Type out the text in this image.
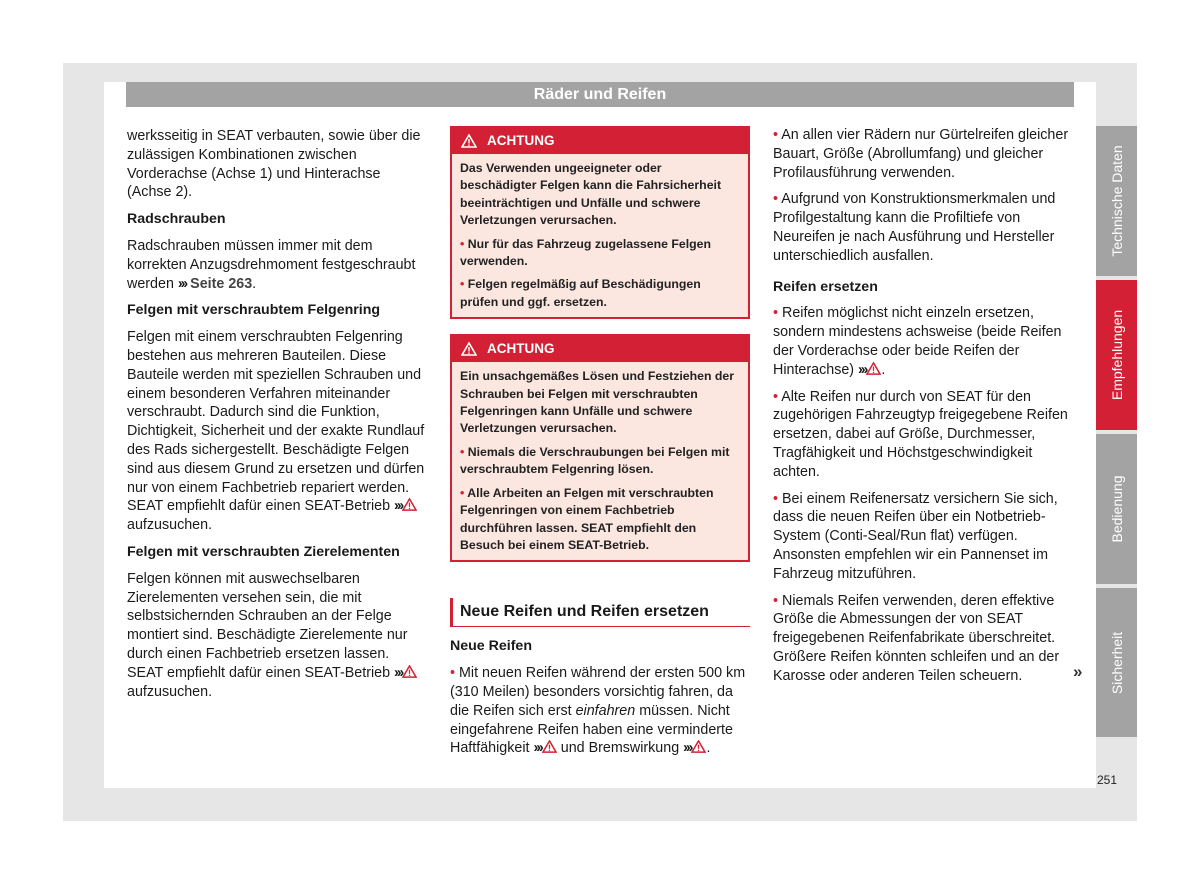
Räder und Reifen

werksseitig in SEAT verbauten, sowie über die zulässigen Kombinationen zwischen Vorderachse (Achse 1) und Hinterachse (Achse 2).

Radschrauben

Radschrauben müssen immer mit dem korrekten Anzugsdrehmoment festgeschraubt werden ››› Seite 263.

Felgen mit verschraubtem Felgenring

Felgen mit einem verschraubten Felgenring bestehen aus mehreren Bauteilen. Diese Bauteile werden mit speziellen Schrauben und einem besonderen Verfahren miteinander verschraubt. Dadurch sind die Funktion, Dichtigkeit, Sicherheit und der exakte Rundlauf des Rads sichergestellt. Beschädigte Felgen sind aus diesem Grund zu ersetzen und dürfen nur von einem Fachbetrieb repariert werden. SEAT empfiehlt dafür einen SEAT-Betrieb ››› aufzusuchen.

Felgen mit verschraubten Zierelementen

Felgen können mit auswechselbaren Zierelementen versehen sein, die mit selbstsichernden Schrauben an der Felge montiert sind. Beschädigte Zierelemente nur durch einen Fachbetrieb ersetzen lassen. SEAT empfiehlt dafür einen SEAT-Betrieb ››› aufzusuchen.

ACHTUNG

Das Verwenden ungeeigneter oder beschädigter Felgen kann die Fahrsicherheit beeinträchtigen und Unfälle und schwere Verletzungen verursachen.

• Nur für das Fahrzeug zugelassene Felgen verwenden.

• Felgen regelmäßig auf Beschädigungen prüfen und ggf. ersetzen.

ACHTUNG

Ein unsachgemäßes Lösen und Festziehen der Schrauben bei Felgen mit verschraubten Felgenringen kann Unfälle und schwere Verletzungen verursachen.

• Niemals die Verschraubungen bei Felgen mit verschraubtem Felgenring lösen.

• Alle Arbeiten an Felgen mit verschraubten Felgenringen von einem Fachbetrieb durchführen lassen. SEAT empfiehlt den Besuch bei einem SEAT-Betrieb.

Neue Reifen und Reifen ersetzen
Neue Reifen

• Mit neuen Reifen während der ersten 500 km (310 Meilen) besonders vorsichtig fahren, da die Reifen sich erst einfahren müssen. Nicht eingefahrene Reifen haben eine verminderte Haftfähigkeit ››› und Bremswirkung ››› .

• An allen vier Rädern nur Gürtelreifen gleicher Bauart, Größe (Abrollumfang) und gleicher Profilausführung verwenden.

• Aufgrund von Konstruktionsmerkmalen und Profilgestaltung kann die Profiltiefe von Neureifen je nach Ausführung und Hersteller unterschiedlich ausfallen.

Reifen ersetzen

• Reifen möglichst nicht einzeln ersetzen, sondern mindestens achsweise (beide Reifen der Vorderachse oder beide Reifen der Hinterachse) ››› .

• Alte Reifen nur durch von SEAT für den zugehörigen Fahrzeugtyp freigegebene Reifen ersetzen, dabei auf Größe, Durchmesser, Tragfähigkeit und Höchstgeschwindigkeit achten.

• Bei einem Reifenersatz versichern Sie sich, dass die neuen Reifen über ein Notbetrieb-System (Conti-Seal/Run flat) verfügen. Ansonsten empfehlen wir ein Pannenset im Fahrzeug mitzuführen.

• Niemals Reifen verwenden, deren effektive Größe die Abmessungen der von SEAT freigegebenen Reifenfabrikate überschreitet. Größere Reifen könnten schleifen und an der Karosse oder anderen Teilen scheuern.	»
Technische Daten
Empfehlungen
Bedienung
Sicherheit
251
